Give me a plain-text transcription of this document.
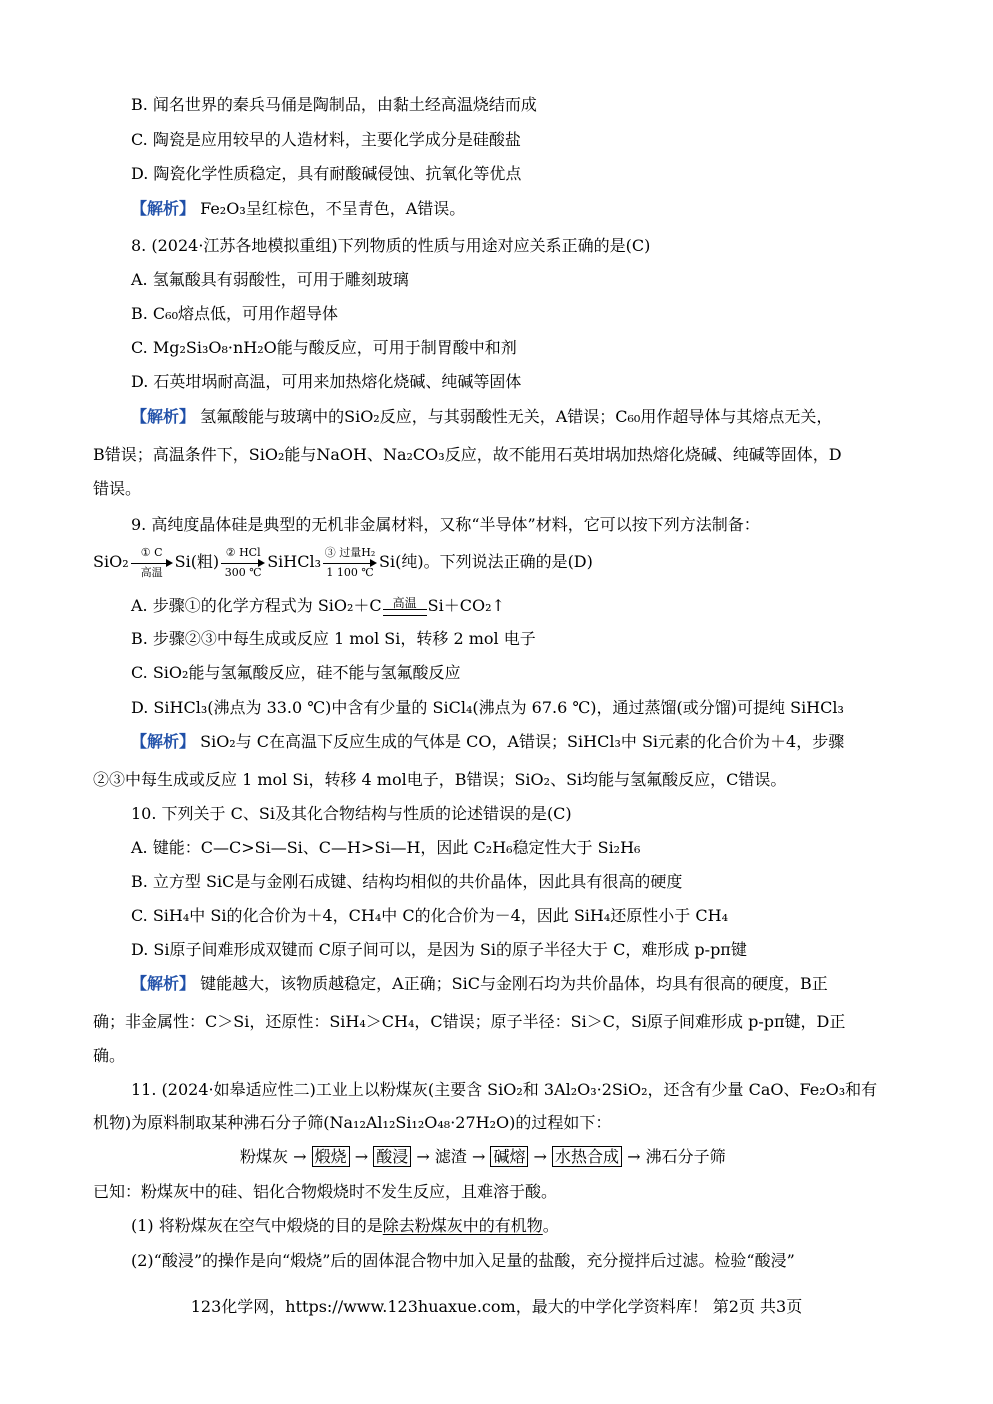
B. 闻名世界的秦兵马俑是陶制品，由黏土经高温烧结而成
C. 陶瓷是应用较早的人造材料，主要化学成分是硅酸盐
D. 陶瓷化学性质稳定，具有耐酸碱侵蚀、抗氧化等优点
【解析】 Fe₂O₃呈红棕色，不呈青色，A错误。
8. (2024·江苏各地模拟重组)下列物质的性质与用途对应关系正确的是(C)
A. 氢氟酸具有弱酸性，可用于雕刻玻璃
B. C₆₀熔点低，可用作超导体
C. Mg₂Si₃O₈·nH₂O能与酸反应，可用于制胃酸中和剂
D. 石英坩埚耐高温，可用来加热熔化烧碱、纯碱等固体
【解析】 氢氟酸能与玻璃中的SiO₂反应，与其弱酸性无关，A错误；C₆₀用作超导体与其熔点无关，
B错误；高温条件下，SiO₂能与NaOH、Na₂CO₃反应，故不能用石英坩埚加热熔化烧碱、纯碱等固体，D
错误。
9. 高纯度晶体硅是典型的无机非金属材料，又称“半导体”材料，它可以按下列方法制备：
SiO₂	① C
高温
Si(粗) ② HCl
300 ℃
SiHCl₃ ③ 过量H₂
1 100 ℃
Si(纯)。下列说法正确的是(D)
A. 步骤①的化学方程式为 SiO₂＋C 高温 Si＋CO₂↑
B. 步骤②③中每生成或反应 1 mol Si，转移 2 mol 电子
C. SiO₂能与氢氟酸反应，硅不能与氢氟酸反应
D. SiHCl₃(沸点为 33.0 ℃)中含有少量的 SiCl₄(沸点为 67.6 ℃)，通过蒸馏(或分馏)可提纯 SiHCl₃
【解析】 SiO₂与 C在高温下反应生成的气体是 CO，A错误；SiHCl₃中 Si元素的化合价为＋4，步骤
②③中每生成或反应 1 mol Si，转移 4 mol电子，B错误；SiO₂、Si均能与氢氟酸反应，C错误。
10. 下列关于 C、Si及其化合物结构与性质的论述错误的是(C)
A. 键能：C—C>Si—Si、C—H>Si—H，因此 C₂H₆稳定性大于 Si₂H₆
B. 立方型 SiC是与金刚石成键、结构均相似的共价晶体，因此具有很高的硬度
C. SiH₄中 Si的化合价为＋4，CH₄中 C的化合价为－4，因此 SiH₄还原性小于 CH₄
D. Si原子间难形成双键而 C原子间可以，是因为 Si的原子半径大于 C，难形成 p-pπ键
【解析】 键能越大，该物质越稳定，A正确；SiC与金刚石均为共价晶体，均具有很高的硬度，B正
确；非金属性：C＞Si，还原性：SiH₄＞CH₄，C错误；原子半径：Si＞C，Si原子间难形成 p-pπ键，D正
确。
11. (2024·如皋适应性二)工业上以粉煤灰(主要含 SiO₂和 3Al₂O₃·2SiO₂，还含有少量 CaO、Fe₂O₃和有
机物)为原料制取某种沸石分子筛(Na₁₂Al₁₂Si₁₂O₄₈·27H₂O)的过程如下：
粉煤灰 → 煅烧 → 酸浸 → 滤渣 → 碱熔 → 水热合成 → 沸石分子筛
已知：粉煤灰中的硅、铝化合物煅烧时不发生反应，且难溶于酸。
(1) 将粉煤灰在空气中煅烧的目的是除去粉煤灰中的有机物。
(2)“酸浸”的操作是向“煅烧”后的固体混合物中加入足量的盐酸，充分搅拌后过滤。检验“酸浸”
123化学网，https://www.123huaxue.com，最大的中学化学资料库！ 第2页 共3页
